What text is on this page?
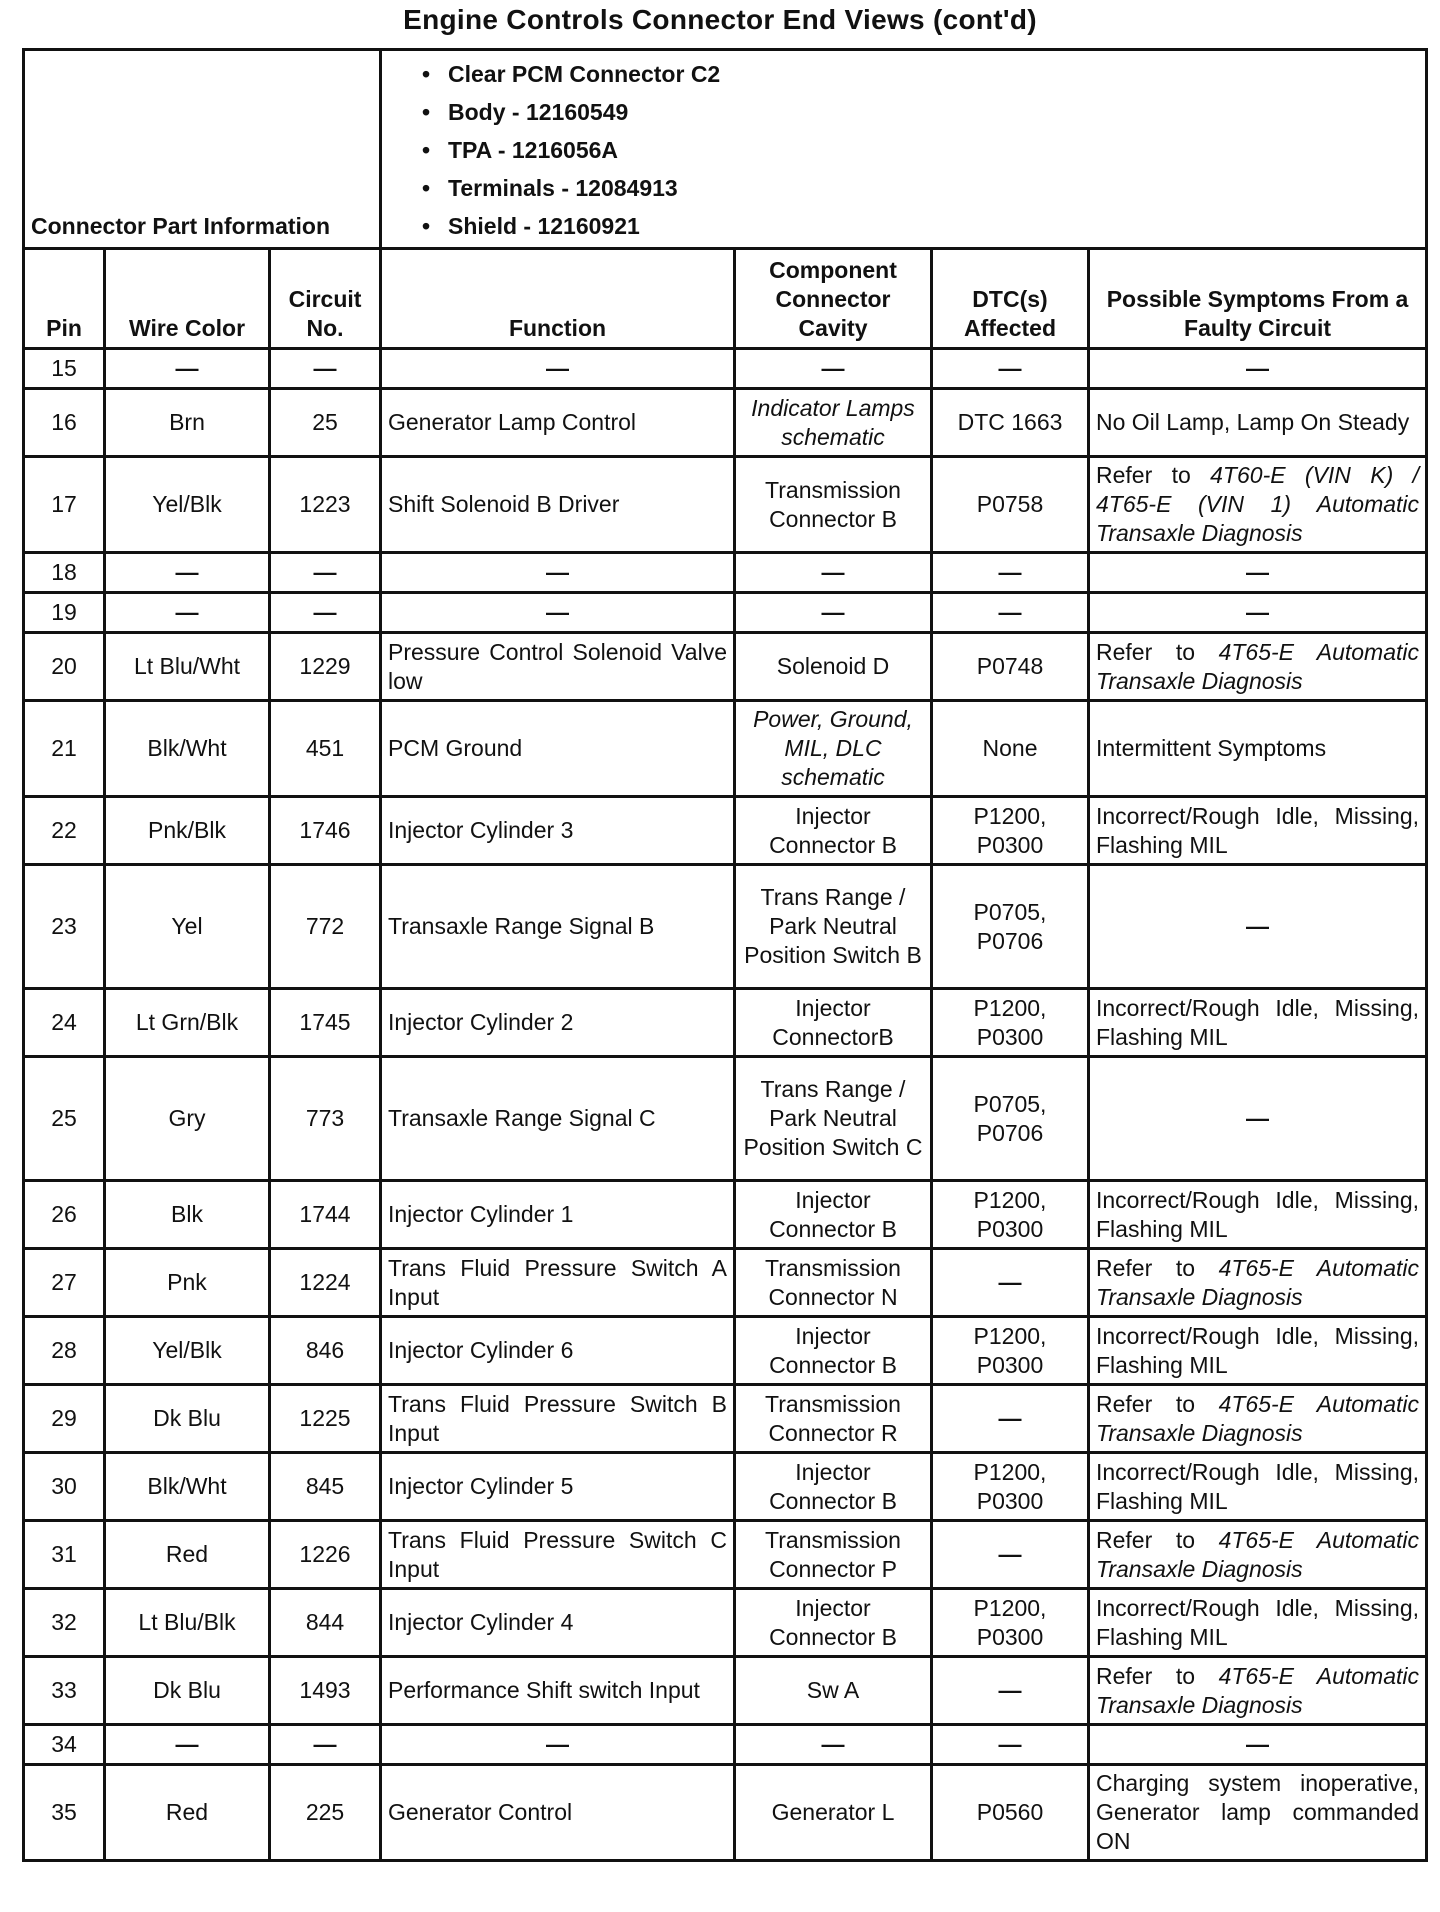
Engine Controls Connector End Views (cont'd)
Connector Part Information			• Clear PCM Connector C2
• Body - 12160549
• TPA - 1216056A
• Terminals - 12084913
• Shield - 12160921			

Pin	Wire Color	Circuit No.	Function	Component Connector Cavity	DTC(s) Affected	Possible Symptoms From a Faulty Circuit
15	—	—	—	—	—	—
16	Brn	25	Generator Lamp Control	Indicator Lamps schematic	DTC 1663	No Oil Lamp, Lamp On Steady
17	Yel/Blk	1223	Shift Solenoid B Driver	Transmission Connector B	P0758	Refer to 4T60-E (VIN K) / 4T65-E (VIN 1) Automatic Transaxle Diagnosis
18	—	—	—	—	—	—
19	—	—	—	—	—	—
20	Lt Blu/Wht	1229	Pressure Control Solenoid Valve low	Solenoid D	P0748	Refer to 4T65-E Automatic Transaxle Diagnosis
21	Blk/Wht	451	PCM Ground	Power, Ground, MIL, DLC schematic	None	Intermittent Symptoms
22	Pnk/Blk	1746	Injector Cylinder 3	Injector Connector B	P1200, P0300	Incorrect/Rough Idle, Missing, Flashing MIL
23	Yel	772	Transaxle Range Signal B	Trans Range / Park Neutral Position Switch B	P0705, P0706	—
24	Lt Grn/Blk	1745	Injector Cylinder 2	Injector ConnectorB	P1200, P0300	Incorrect/Rough Idle, Missing, Flashing MIL
25	Gry	773	Transaxle Range Signal C	Trans Range / Park Neutral Position Switch C	P0705, P0706	—
26	Blk	1744	Injector Cylinder 1	Injector Connector B	P1200, P0300	Incorrect/Rough Idle, Missing, Flashing MIL
27	Pnk	1224	Trans Fluid Pressure Switch A Input	Transmission Connector N	—	Refer to 4T65-E Automatic Transaxle Diagnosis
28	Yel/Blk	846	Injector Cylinder 6	Injector Connector B	P1200, P0300	Incorrect/Rough Idle, Missing, Flashing MIL
29	Dk Blu	1225	Trans Fluid Pressure Switch B Input	Transmission Connector R	—	Refer to 4T65-E Automatic Transaxle Diagnosis
30	Blk/Wht	845	Injector Cylinder 5	Injector Connector B	P1200, P0300	Incorrect/Rough Idle, Missing, Flashing MIL
31	Red	1226	Trans Fluid Pressure Switch C Input	Transmission Connector P	—	Refer to 4T65-E Automatic Transaxle Diagnosis
32	Lt Blu/Blk	844	Injector Cylinder 4	Injector Connector B	P1200, P0300	Incorrect/Rough Idle, Missing, Flashing MIL
33	Dk Blu	1493	Performance Shift switch Input	Sw A	—	Refer to 4T65-E Automatic Transaxle Diagnosis
34	—	—	—	—	—	—
35	Red	225	Generator Control	Generator L	P0560	Charging system inoperative, Generator lamp commanded ON
